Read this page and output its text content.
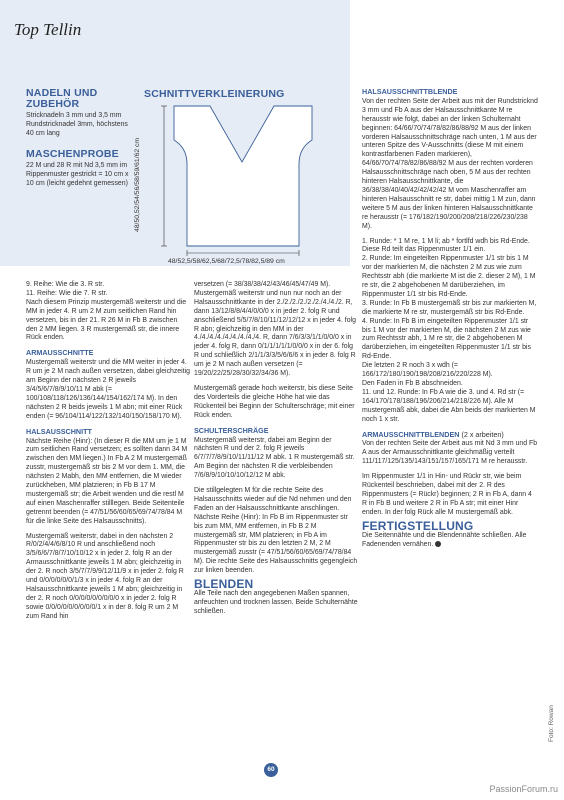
Top Tellin
NADELN UND ZUBEHÖR

Stricknadeln 3 mm und 3,5 mm Rundstricknadel 3mm, höchstens 40 cm lang

MASCHENPROBE

22 M und 28 R mit Nd 3,5 mm im Rippenmuster gestrickt = 10 cm x 10 cm (leicht gedehnt gemessen)

SCHNITTVERKLEINERUNG
48/50,52/54/56/58/59/61/62 cm
48/52,5/58/62,5/68/72,5/78/82,5/89 cm

9. Reihe: Wie die 3. R str.

11. Reihe: Wie die 7. R str.

Nach diesem Prinzip mustergemäß weiterstr und die MM in jeder 4. R um 2 M zum seitlichen Rand hin versetzen, bis in der 21. R 26 M in Fb B zwischen den 2 MM liegen. 3 R mustergemäß str, die innere Rück enden.

ARMAUSSCHNITTE

Mustergemäß weiterstr und die MM weiter in jeder 4. R um je 2 M nach außen versetzen, dabei gleichzeitig am Beginn der nächsten 2 R jeweils 3/4/5/6/7/8/9/10/11 M abk (= 100/108/118/126/136/144/154/162/174 M). In den nächsten 2 R beids jeweils 1 M abn; mit einer Rück enden (= 96/104/114/122/132/140/150/158/170 M).

HALSAUSSCHNITT

Nächste Reihe (Hinr): (In dieser R die MM um je 1 M zum seitlichen Rand versetzen; es sollten dann 34 M zwischen den MM liegen.) In Fb A 2 M mustergemäß zusstr, mustergemäß str bis 2 M vor dem 1. MM, die nächsten 2 Mabh, den MM entfernen, die M wieder zurückheben, MM platzieren; in Fb B 17 M mustergemäß str; die Arbeit wenden und die restl M auf einen Maschenraffer stilllegen. Beide Seitenteile getrennt beenden (= 47/51/56/60/65/69/74/78/84 M für die linke Seite des Halsausschnitts).

Mustergemäß weiterstr, dabei in den nächsten 2 R/0/2/4/4/6/8/10 R und anschließend noch 3/5/6/6/7/8/7/10/10/12 x in jeder 2. folg R an der Armausschnittkante jeweils 1 M abn; gleichzeitig in der 2. R noch 3/5/7/7/9/9/12/11/9 x in jeder 2. folg R und 0/0/0/0/0/0/1/3 x in jeder 4. folg R an der Halsausschnittkante jeweils 1 M abn; gleichzeitig in der 2. R noch 0/0/0/0/0/0/0/0/0 x in jeder 2. folg R sowie 0/0/0/0/0/0/0/0/0/1 x in der 8. folg R um 2 M zum Rand hin

versetzen (= 38/38/38/42/43/46/45/47/49 M). Mustergemäß weiterstr und nun nur noch an der Halsausschnittkante in der 2./2./2./2./2./2./4./4./2. R, dann 13/12/8/8/4/4/0/0/0 x in jeder 2. folg R und anschließend 5/5/7/8/10/11/12/12/12 x in jeder 4. folg R abn; gleichzeitig in den MM in der 4./4./4./4./4./4./4./4./4. R, dann 7/6/3/3/1/1/0/0/0 x in jeder 4. folg R, dann 0/1/1/1/1/1/0/0/0 x in der 6. folg R und schließlich 2/1/1/3/3/5/6/6/6 x in jeder 8. folg R um je 2 M nach außen versetzen (= 19/20/22/25/28/30/32/34/36 M).

Mustergemäß gerade hoch weiterstr, bis diese Seite des Vorderteils die gleiche Höhe hat wie das Rückenteil bei Beginn der Schulterschräge; mit einer Rück enden.

SCHULTERSCHRÄGE

Mustergemäß weiterstr, dabei am Beginn der nächsten R und der 2. folg R jeweils 6/7/7/7/8/9/10/11/11/12 M abk. 1 R mustergemäß str. Am Beginn der nächsten R die verbleibenden 7/6/8/9/10/10/10/12/12 M abk.

Die stillgelegten M für die rechte Seite des Halsausschnitts wieder auf die Nd nehmen und den Faden an der Halsausschnittkante anschlingen.

Nächste Reihe (Hinr): In Fb B im Rippenmuster str bis zum MM, MM entfernen, in Fb B 2 M mustergemäß str, MM platzieren; in Fb A im Rippenmuster str bis zu den letzten 2 M, 2 M mustergemäß zusstr (= 47/51/56/60/65/69/74/78/84 M). Die rechte Seite des Halsausschnitts gegengleich zur linken beenden.

BLENDEN

Alle Teile nach den angegebenen Maßen spannen, anfeuchten und trocknen lassen. Beide Schulternähte schließen.

HALSAUSSCHNITTBLENDE

Von der rechten Seite der Arbeit aus mit der Rundstricknd 3 mm und Fb A aus der Halsausschnittkante M re herausstr wie folgt, dabei an der linken Schulternaht beginnen: 64/66/70/74/78/82/86/88/92 M aus der linken vorderen Halsausschnittschräge nach unten, 1 M aus der unteren Spitze des V-Ausschnitts (diese M mit einem kontrastfarbenen Faden markieren), 64/66/70/74/78/82/86/88/92 M aus der rechten vorderen Halsausschnittschräge nach oben, 5 M aus der rechten hinteren Halsausschnittkante, die 36/38/38/40/40/42/42/42/42 M vom Maschenraffer am hinteren Halsausschnitt re str, dabei mittig 1 M zun, dann weitere 5 M aus der linken hinteren Halsausschnittkante re herausstr (= 176/182/190/200/208/218/226/230/238 M).

1. Runde: * 1 M re, 1 M li; ab * fortlfd wdh bis Rd-Ende.

Diese Rd teilt das Rippenmuster 1/1 ein.

2. Runde: Im eingeteilten Rippenmuster 1/1 str bis 1 M vor der markierten M, die nächsten 2 M zus wie zum Rechtsstr abh (die markierte M ist die 2. dieser 2 M), 1 M re str, die 2 abgehobenen M darüberziehen, im Rippenmuster 1/1 str bis Rd-Ende.

3. Runde: In Fb B mustergemäß str bis zur markierten M, die markierte M re str, mustergemäß str bis Rd-Ende.

4. Runde: In Fb B im eingeteilten Rippenmuster 1/1 str bis 1 M vor der markierten M, die nächsten 2 M zus wie zum Rechtsstr abh, 1 M re str, die 2 abgehobenen M darüberziehen, im eingeteilten Rippenmuster 1/1 str bis Rd-Ende.

Die letzten 2 R noch 3 x wdh (= 166/172/180/190/198/208/216/220/228 M).

Den Faden in Fb B abschneiden.

11. und 12. Runde: In Fb A wie die 3. und 4. Rd str (= 164/170/178/188/196/206/214/218/226 M). Alle M mustergemäß abk, dabei die Abn beids der markierten M noch 1 x str.

ARMAUSSCHNITTBLENDEN (2 x arbeiten)

Von der rechten Seite der Arbeit aus mit Nd 3 mm und Fb A aus der Armausschnittkante gleichmäßig verteilt 111/117/125/135/143/151/157/165/171 M re herausstr.

Im Rippenmuster 1/1 in Hin- und Rückr str, wie beim Rückenteil beschrieben, dabei mit der 2. R des Rippenmusters (= Rückr) beginnen; 2 R in Fb A, dann 4 R in Fb B und weitere 2 R in Fb A str; mit einer Hinr enden. In der folg Rück alle M mustergemäß abk.

FERTIGSTELLUNG

Die Seitennähte und die Blendennähte schließen. Alle Fadenenden vernähen.

Foto: Rowan
60
PassionForum.ru
